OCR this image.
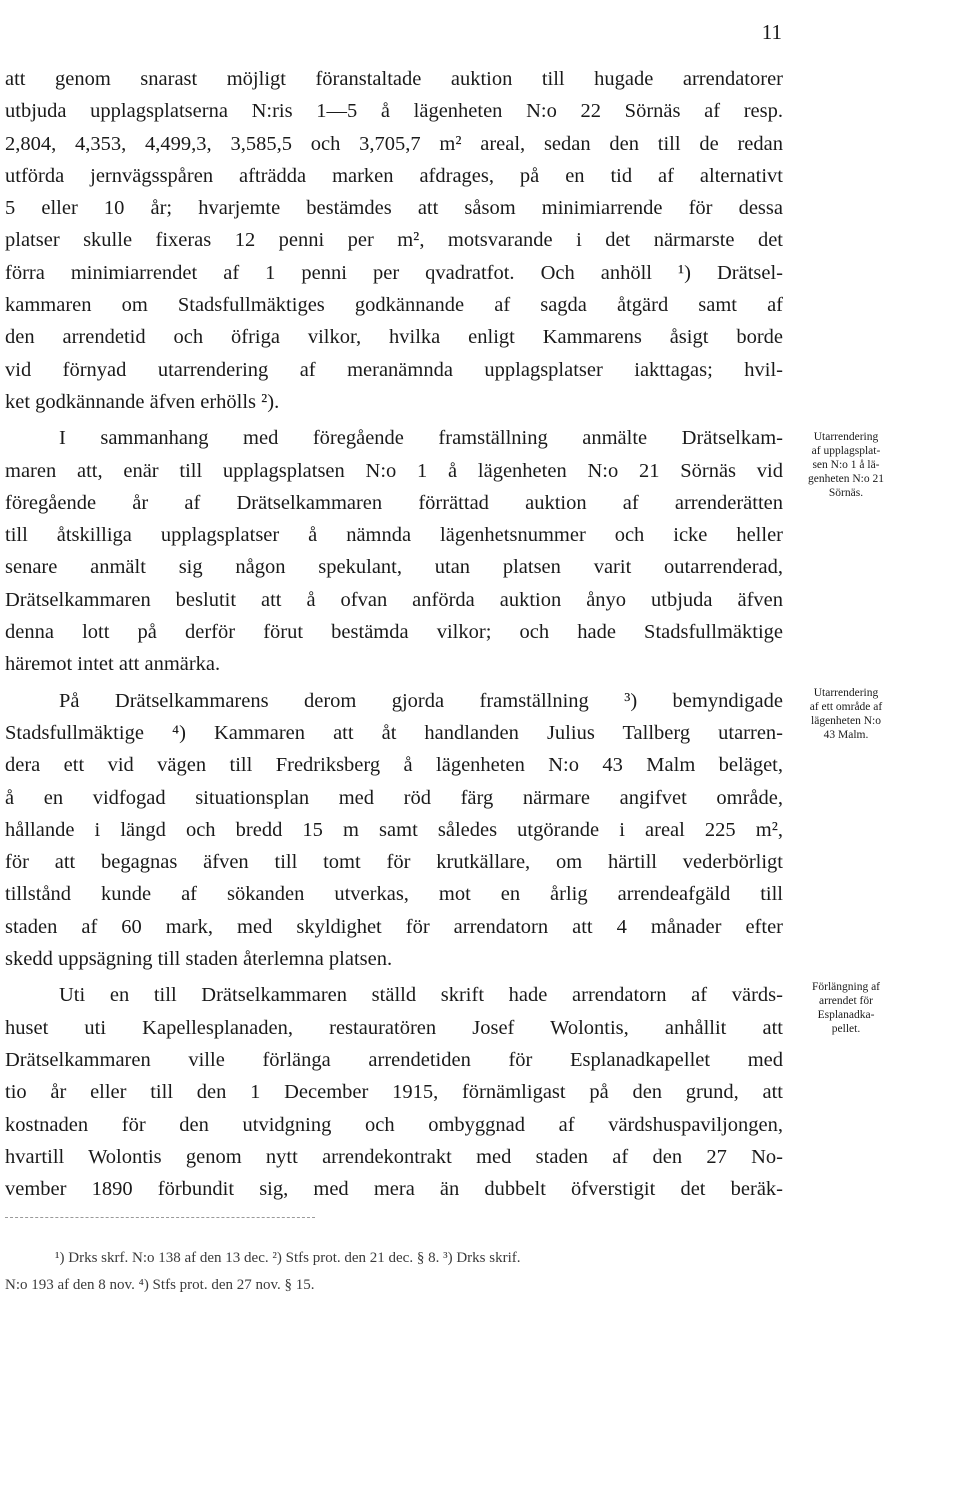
11
att genom snarast möjligt föranstaltade auktion till hugade arrendatorer
utbjuda upplagsplatserna N:ris 1—5 å lägenheten N:o 22 Sörnäs af resp.
2,804, 4,353, 4,499,3, 3,585,5 och 3,705,7 m² areal, sedan den till de redan
utförda jernvägsspåren afträdda marken afdrages, på en tid af alternativt
5 eller 10 år; hvarjemte bestämdes att såsom minimiarrende för dessa
platser skulle fixeras 12 penni per m², motsvarande i det närmarste det
förra minimiarrendet af 1 penni per qvadratfot. Och anhöll ¹) Drätsel-
kammaren om Stadsfullmäktiges godkännande af sagda åtgärd samt af
den arrendetid och öfriga vilkor, hvilka enligt Kammarens åsigt borde
vid förnyad utarrendering af meranämnda upplagsplatser iakttagas; hvil-
ket godkännande äfven erhölls ²).
I sammanhang med föregående framställning anmälte Drätselkam-
maren att, enär till upplagsplatsen N:o 1 å lägenheten N:o 21 Sörnäs vid
föregående år af Drätselkammaren förrättad auktion af arrenderätten
till åtskilliga upplagsplatser å nämnda lägenhetsnummer och icke heller
senare anmält sig någon spekulant, utan platsen varit outarrenderad,
Drätselkammaren beslutit att å ofvan anförda auktion ånyo utbjuda äfven
denna lott på derför förut bestämda vilkor; och hade Stadsfullmäktige
häremot intet att anmärka.
På Drätselkammarens derom gjorda framställning ³) bemyndigade
Stadsfullmäktige ⁴) Kammaren att åt handlanden Julius Tallberg utarren-
dera ett vid vägen till Fredriksberg å lägenheten N:o 43 Malm beläget,
å en vidfogad situationsplan med röd färg närmare angifvet område,
hållande i längd och bredd 15 m samt således utgörande i areal 225 m²,
för att begagnas äfven till tomt för krutkällare, om härtill vederbörligt
tillstånd kunde af sökanden utverkas, mot en årlig arrendeafgäld till
staden af 60 mark, med skyldighet för arrendatorn att 4 månader efter
skedd uppsägning till staden återlemna platsen.
Uti en till Drätselkammaren ställd skrift hade arrendatorn af värds-
huset uti Kapellesplanaden, restauratören Josef Wolontis, anhållit att
Drätselkammaren ville förlänga arrendetiden för Esplanadkapellet med
tio år eller till den 1 December 1915, förnämligast på den grund, att
kostnaden för den utvidgning och ombyggnad af värdshuspaviljongen,
hvartill Wolontis genom nytt arrendekontrakt med staden af den 27 No-
vember 1890 förbundit sig, med mera än dubbelt öfverstigit det beräk-
Utarrendering
af upplagsplat-
sen N:o 1 å lä-
genheten N:o 21
Sörnäs.
Utarrendering
af ett område af
lägenheten N:o
43 Malm.
Förlängning af
arrendet för
Esplanadka-
pellet.
¹) Drks skrf. N:o 138 af den 13 dec. ²) Stfs prot. den 21 dec. § 8. ³) Drks skrif.
N:o 193 af den 8 nov. ⁴) Stfs prot. den 27 nov. § 15.
